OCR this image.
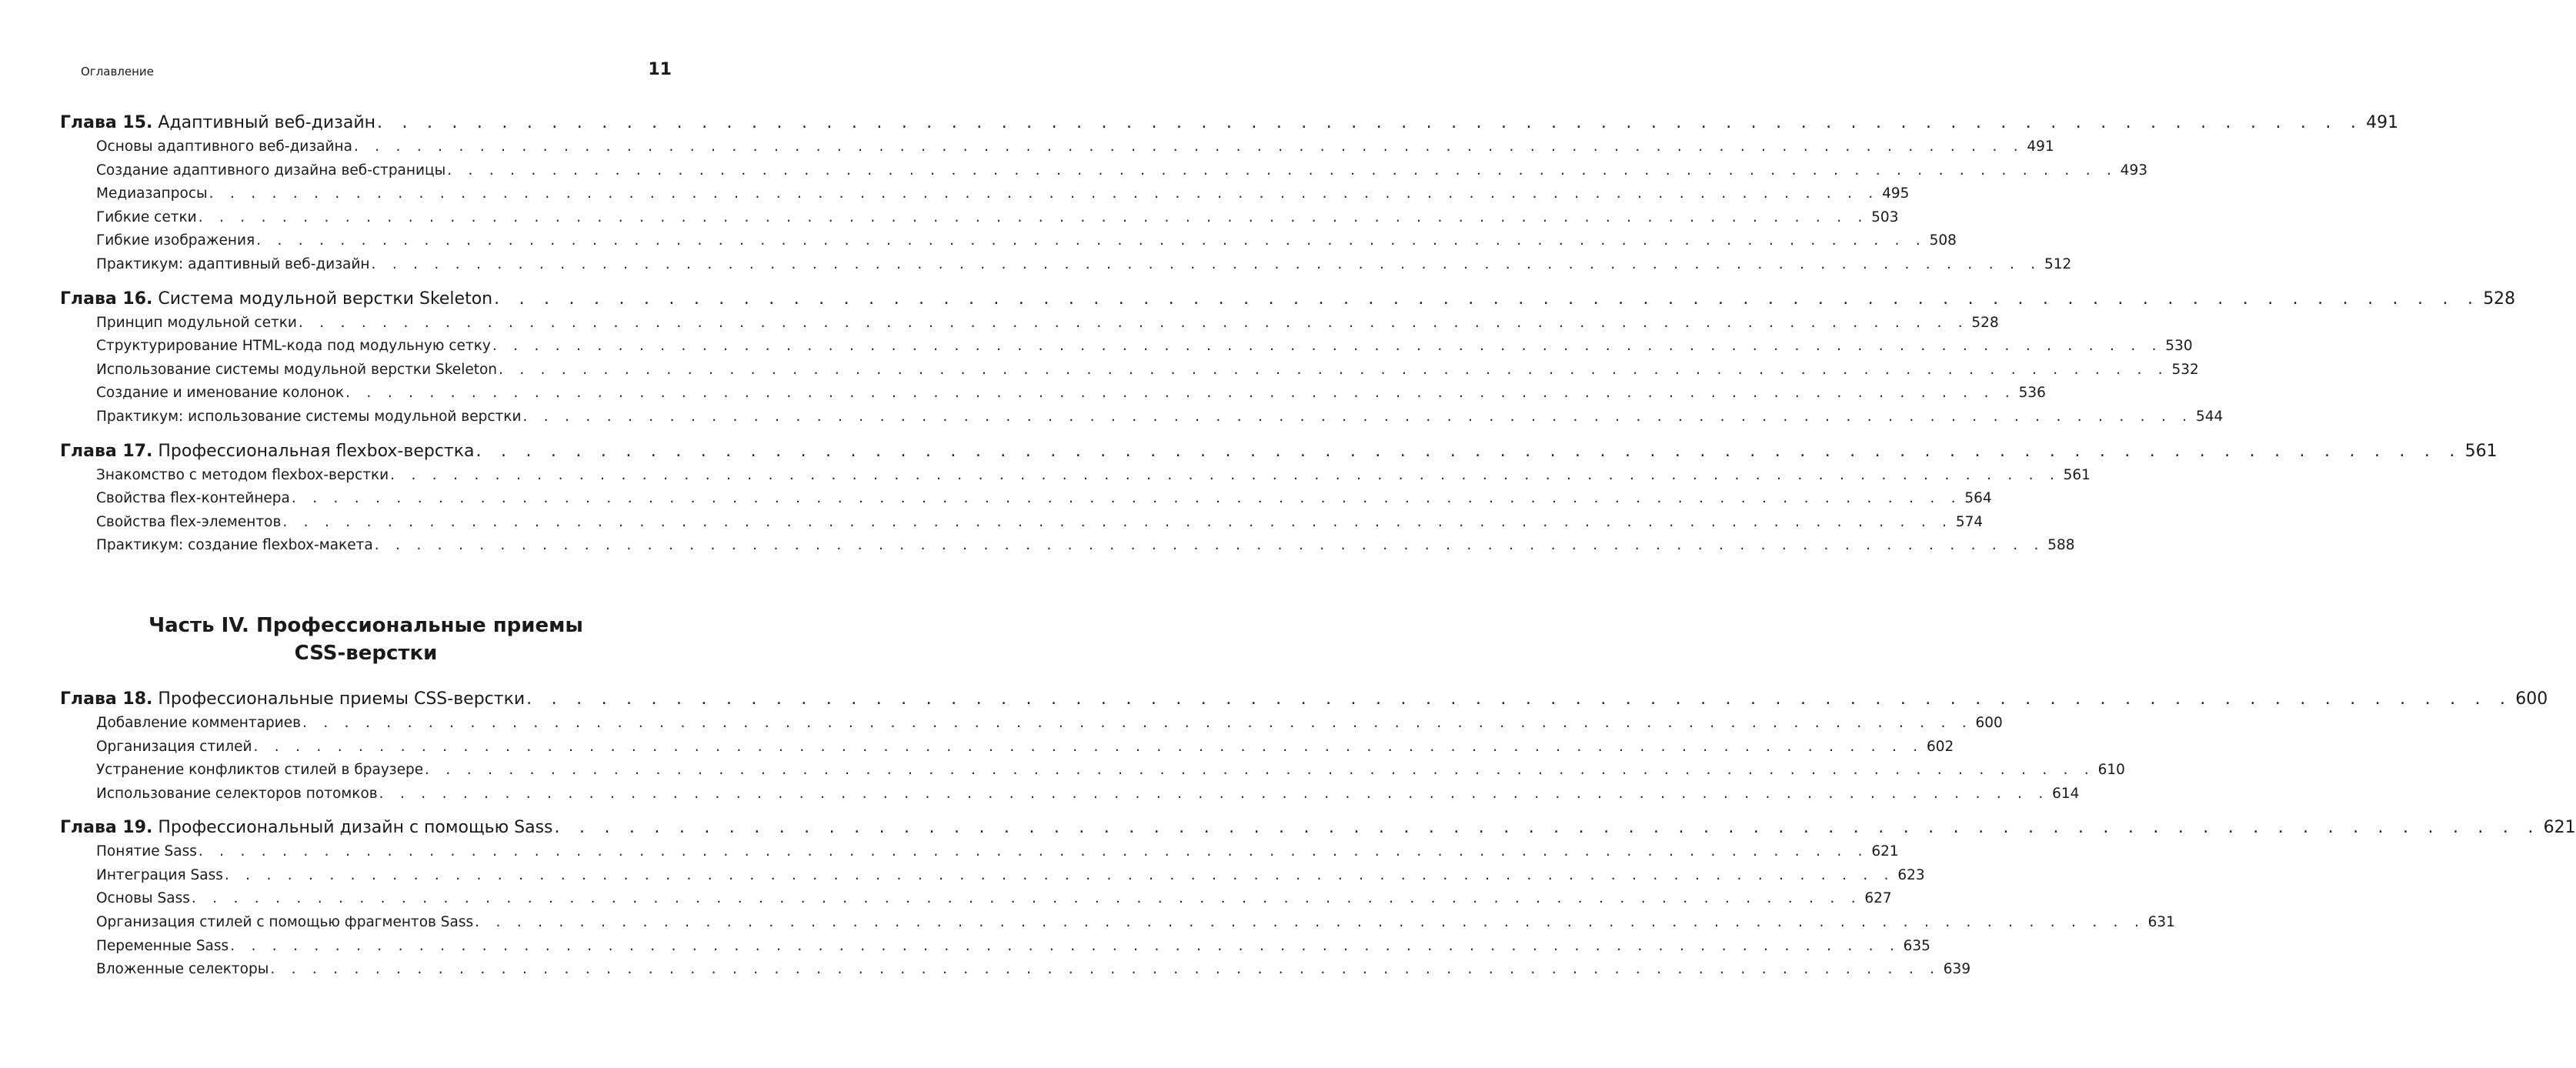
Оглавление	11
Глава 15. Адаптивный веб-дизайн . . .	491
Основы адаптивного веб-дизайна . . .	491
Создание адаптивного дизайна веб-страницы . . .	493
Медиазапросы . . .	495
Гибкие сетки . . .	503
Гибкие изображения . . .	508
Практикум: адаптивный веб-дизайн . . .	512
Глава 16. Система модульной верстки Skeleton . . .	528
Принцип модульной сетки . . .	528
Структурирование HTML-кода под модульную сетку . . .	530
Использование системы модульной верстки Skeleton . . .	532
Создание и именование колонок . . .	536
Практикум: использование системы модульной верстки . . .	544
Глава 17. Профессиональная flexbox-верстка . . .	561
Знакомство с методом flexbox-верстки . . .	561
Свойства flex-контейнера . . .	564
Свойства flex-элементов . . .	574
Практикум: создание flexbox-макета . . .	588
Часть IV. Профессиональные приемы
CSS-верстки
Глава 18. Профессиональные приемы CSS-верстки . . .	600
Добавление комментариев . . .	600
Организация стилей . . .	602
Устранение конфликтов стилей в браузере . . .	610
Использование селекторов потомков . . .	614
Глава 19. Профессиональный дизайн с помощью Sass . . .	621
Понятие Sass . . .	621
Интеграция Sass . . .	623
Основы Sass . . .	627
Организация стилей с помощью фрагментов Sass . . .	631
Переменные Sass . . .	635
Вложенные селекторы . . .	639
